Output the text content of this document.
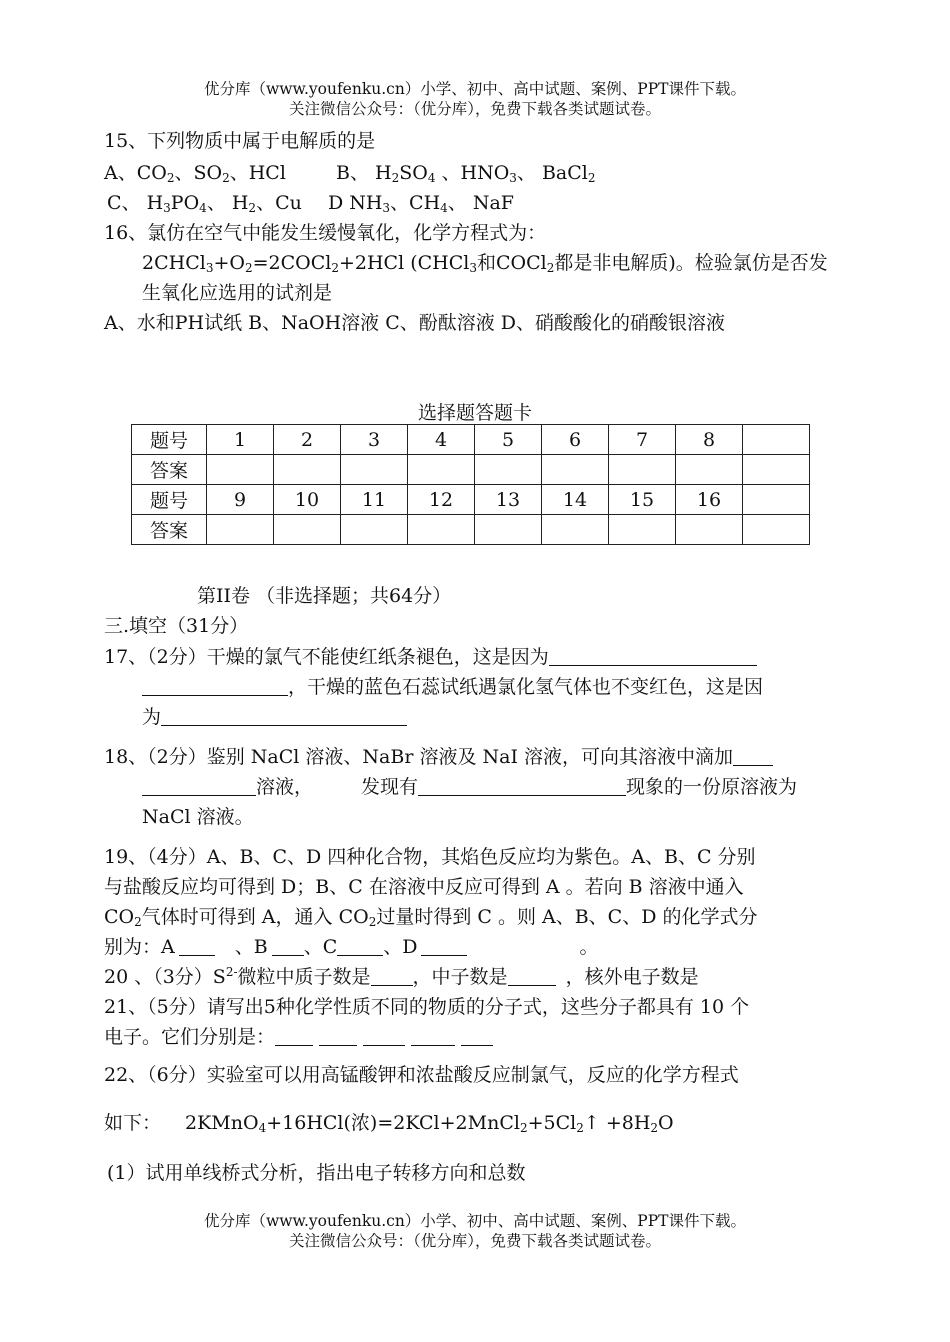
优分库（www.youfenku.cn）小学、初中、高中试题、案例、PPT课件下载。
关注微信公众号：（优分库），免费下载各类试题试卷。
15、下列物质中属于电解质的是
A、$CO_2$、$SO_2$、HCl	B、 $H_2SO_4$ 、$HNO_3$、 BaCl$_2$
C、 $H_3PO_4$、 $H_2$、Cu D $NH_3$、$CH_4$、 NaF
16、氯仿在空气中能发生缓慢氧化，化学方程式为：
$2CHCl_3+O_2=2COCl_2+2HCl$ (CHCl$_3$和COCl$_2$都是非电解质)。检验氯仿是否发
生氧化应选用的试剂是
A、水和PH试纸 B、NaOH溶液 C、酚酞溶液 D、硝酸酸化的硝酸银溶液
选择题答题卡
题号	1	2	3	4	5	6	7	8	
答案									
题号	9	10	11	12	13	14	15	16	
答案									
第II卷 （非选择题；共64分）
三.填空（31分）
17、（2分）干燥的氯气不能使红纸条褪色，这是因为
，干燥的蓝色石蕊试纸遇氯化氢气体也不变红色，这是因
为
18、（2分）鉴别 NaCl 溶液、NaBr 溶液及 NaI 溶液，可向其溶液中滴加
溶液，	发现有	现象的一份原溶液为
NaCl 溶液。
19、（4分）A、B、C、D 四种化合物，其焰色反应均为紫色。A、B、C 分别
与盐酸反应均可得到 D；B、C 在溶液中反应可得到 A 。若向 B 溶液中通入
$CO_2$气体时可得到 A，通入 $CO_2$过量时得到 C 。则 A、B、C、D 的化学式分
别为：A	、B 、C 、D	。
20 、（3分）$S^{2-}$微粒中质子数是 ，中子数是	，核外电子数是
21、（5分）请写出5种化学性质不同的物质的分子式，这些分子都具有 10 个
电子。它们分别是：
22、（6分）实验室可以用高锰酸钾和浓盐酸反应制氯气，反应的化学方程式
如下： 2KMnO$_4$+16HCl(浓)$=2KCl+2MnCl_2+5Cl_2↑ +8H_2O$
(1）试用单线桥式分析，指出电子转移方向和总数
优分库（www.youfenku.cn）小学、初中、高中试题、案例、PPT课件下载。
关注微信公众号：（优分库），免费下载各类试题试卷。
